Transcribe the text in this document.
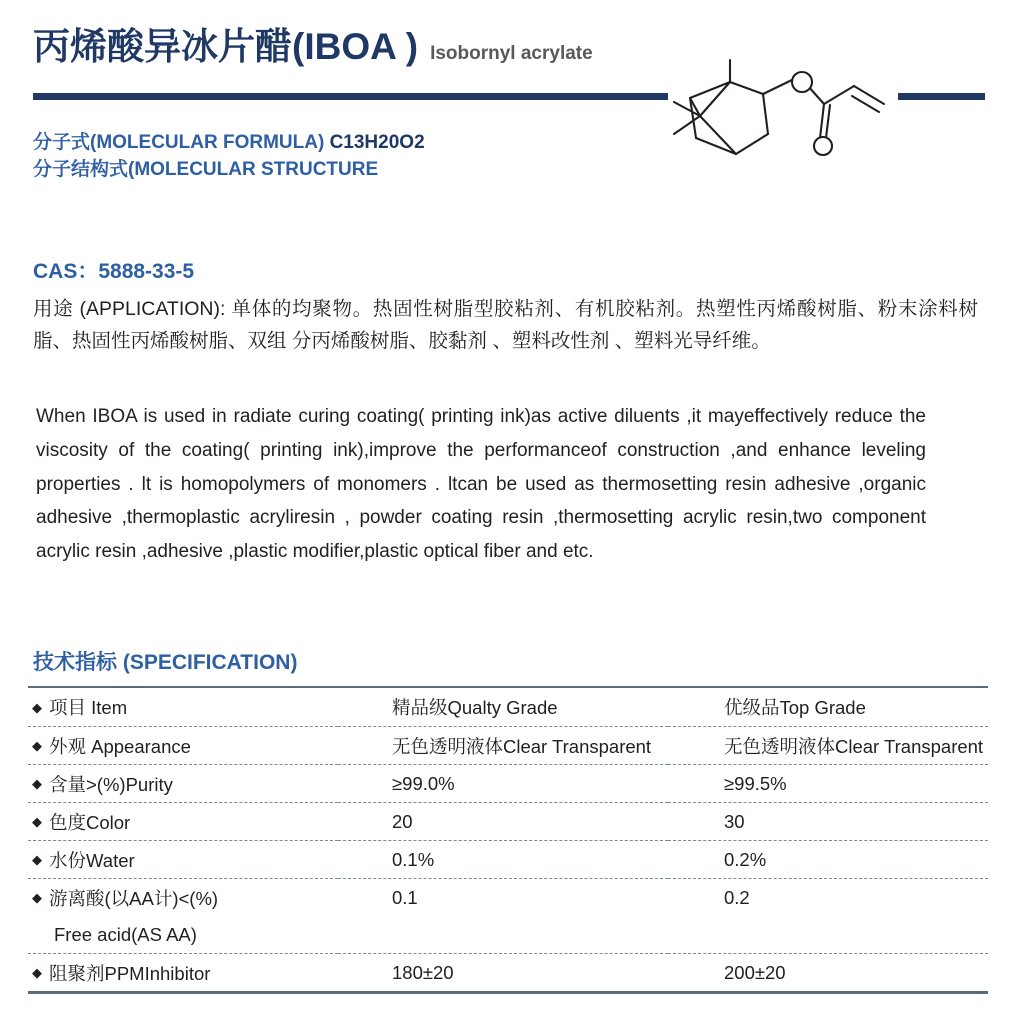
丙烯酸异冰片醋(IBOA ) Isobornyl acrylate
分子式(MOLECULAR FORMULA) C13H20O2
分子结构式(MOLECULAR STRUCTURE
CAS：5888-33-5
用途 (APPLICATION): 单体的均聚物。热固性树脂型胶粘剂、有机胶粘剂。热塑性丙烯酸树脂、粉末涂料树脂、热固性丙烯酸树脂、双组 分丙烯酸树脂、胶黏剂 、塑料改性剂 、塑料光导纤维。
When IBOA is used in radiate curing coating( printing ink)as active diluents ,it mayeffectively reduce the viscosity of the coating( printing ink),improve the performanceof construction ,and enhance leveling properties . lt is homopolymers of monomers . ltcan be used as thermosetting resin adhesive ,organic adhesive ,thermoplastic acryliresin , powder coating resin ,thermosetting acrylic resin,two component acrylic resin ,adhesive ,plastic modifier,plastic optical fiber and etc.
技术指标 (SPECIFICATION)
◆ 项目 Item	精品级Qualty Grade	优级品Top Grade

◆ 外观 Appearance	无色透明液体Clear Transparent	无色透明液体Clear Transparent

◆ 含量>(%)Purity	≥99.0%	≥99.5%

◆ 色度Color	20	30

◆ 水份Water	0.1%	0.2%

◆ 游离酸(以AA计)<(%)
Free acid(AS AA)	0.1	0.2

◆ 阻聚剂PPMInhibitor	180±20	200±20
